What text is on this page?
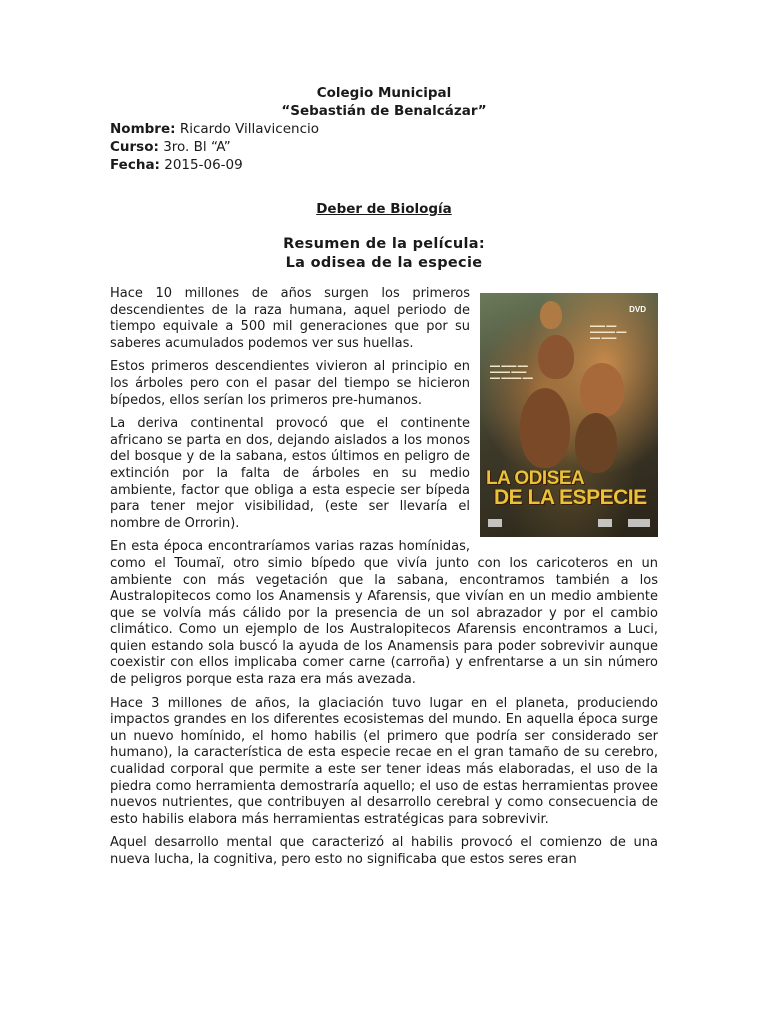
Colegio Municipal
“Sebastián de Benalcázar”
Nombre: Ricardo Villavicencio
Curso: 3ro. Bl “A”
Fecha: 2015-06-09
Deber de Biología
Resumen de la película:
La odisea de la especie
DVD
▬▬ ▬▬▬ ▬▬
▬▬▬▬ ▬▬▬
▬▬ ▬▬▬▬ ▬▬
▬▬▬ ▬▬
▬▬▬▬▬ ▬▬
▬▬ ▬▬▬
LA ODISEA
DE LA ESPECIE

Hace 10 millones de años surgen los primeros descendientes de la raza humana, aquel periodo de tiempo equivale a 500 mil generaciones que por su saberes acumulados podemos ver sus huellas.

Estos primeros descendientes vivieron al principio en los árboles pero con el pasar del tiempo se hicieron bípedos, ellos serían los primeros pre-humanos.

La deriva continental provocó que el continente africano se parta en dos, dejando aislados a los monos del bosque y de la sabana, estos últimos en peligro de extinción por la falta de árboles en su medio ambiente, factor que obliga a esta especie ser bípeda para tener mejor visibilidad, (este ser llevaría el nombre de Orrorin).

En esta época encontraríamos varias razas homínidas, como el Toumaï, otro simio bípedo que vivía junto con los caricoteros en un ambiente con más vegetación que la sabana, encontramos también a los Australopitecos como los Anamensis y Afarensis, que vivían en un medio ambiente que se volvía más cálido por la presencia de un sol abrazador y por el cambio climático. Como un ejemplo de los Australopitecos Afarensis encontramos a Luci, quien estando sola buscó la ayuda de los Anamensis para poder sobrevivir aunque coexistir con ellos implicaba comer carne (carroña) y enfrentarse a un sin número de peligros porque esta raza era más avezada.

Hace 3 millones de años, la glaciación tuvo lugar en el planeta, produciendo impactos grandes en los diferentes ecosistemas del mundo. En aquella época surge un nuevo homínido, el homo habilis (el primero que podría ser considerado ser humano), la característica de esta especie recae en el gran tamaño de su cerebro, cualidad corporal que permite a este ser tener ideas más elaboradas, el uso de la piedra como herramienta demostraría aquello; el uso de estas herramientas provee nuevos nutrientes, que contribuyen al desarrollo cerebral y como consecuencia de esto habilis elabora más herramientas estratégicas para sobrevivir.

Aquel desarrollo mental que caracterizó al habilis provocó el comienzo de una nueva lucha, la cognitiva, pero esto no significaba que estos seres eran
